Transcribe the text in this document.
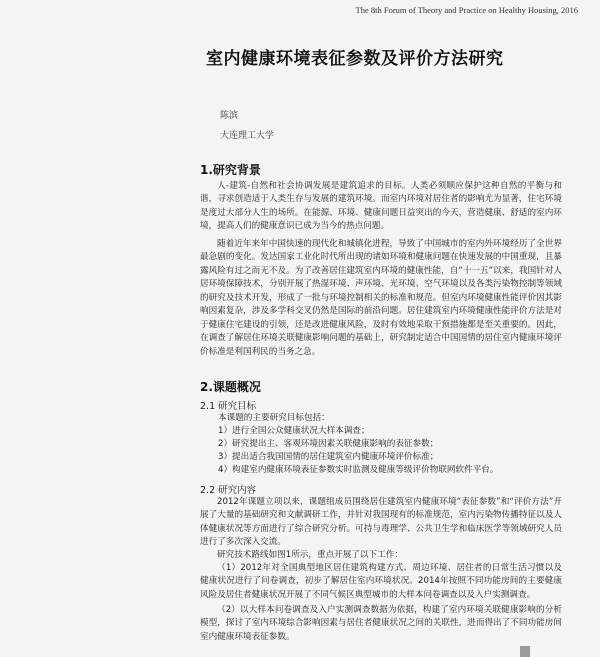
The 8th Forum of Theory and Practice on Healthy Housing, 2016
室内健康环境表征参数及评价方法研究
陈滨
大连理工大学
1.研究背景
人-建筑-自然和社会协调发展是建筑追求的目标。人类必须顺应保护这种自然的平衡与和谐，寻求创造适于人类生存与发展的建筑环境。而室内环境对居住者的影响尤为显著，住宅环境是度过大部分人生的场所。在能源、环境、健康问题日益突出的今天，营造健康、舒适的室内环境，提高人们的健康意识已成为当今的热点问题。
随着近年来年中国快速的现代化和城镇化进程，导致了中国城市的室内外环境经历了全世界最急剧的变化。发达国家工业化时代所出现的诸如环境和健康问题在快速发展的中国重现，且暴露风险有过之而无不及。为了改善居住建筑室内环境的健康性能，自“十一五”以来，我国针对人居环境保障技术，分别开展了热湿环境、声环境、光环境、空气环境以及各类污染物控制等领域的研究及技术开发，形成了一批与环境控制相关的标准和规范。但室内环境健康性能评价因其影响因素复杂，涉及多学科交叉仍然是国际的前沿问题。居住建筑室内环境健康性能评价方法是对于健康住宅建设的引领，还是改进健康风险，及时有效地采取干预措施都是至关重要的。因此，在调查了解居住环境关联健康影响问题的基础上，研究制定适合中国国情的居住室内健康环境评价标准是利国利民的当务之急。
2.课题概况
2.1 研究目标
本课题的主要研究目标包括：
1）进行全国公众健康状况大样本调查；
2）研究提出主、客观环境因素关联健康影响的表征参数；
3）提出适合我国国情的居住建筑室内健康环境评价标准；
4）构建室内健康环境表征参数实时监测及健康等级评价物联网软件平台。
2.2 研究内容
2012年课题立项以来，课题组成员围绕居住建筑室内健康环境“表征参数”和“评价方法”开展了大量的基础研究和文献调研工作，并针对我国现有的标准规范，室内污染物传播特征以及人体健康状况等方面进行了综合研究分析。可持与毒理学、公共卫生学和临床医学等领域研究人员进行了多次深入交流。
研究技术路线如图1所示，重点开展了以下工作：
（1）2012年对全国典型地区居住建筑构建方式、周边环境、居住者的日常生活习惯以及健康状况进行了问卷调查，初步了解居住室内环境状况。2014年按照不同功能房间的主要健康风险及居住者健康状况开展了不同气候区典型城市的大样本问卷调查以及入户实测调查。
（2）以大样本问卷调查及入户实测调查数据为依据，构建了室内环境关联健康影响的分析模型，探讨了室内环境综合影响因素与居住者健康状况之间的关联性，进而得出了不同功能房间室内健康环境表征参数。
